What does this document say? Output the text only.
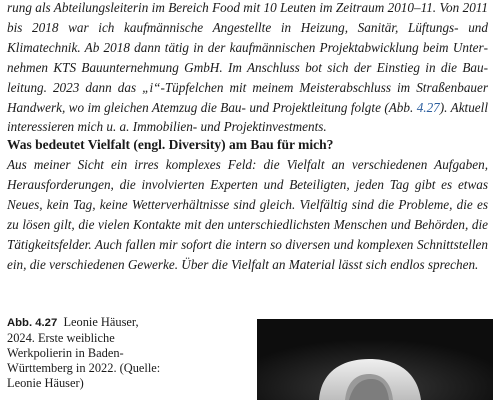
rung als Abteilungsleiterin im Bereich Food mit 10 Leuten im Zeitraum 2010–11. Von 2011 bis 2018 war ich kaufmännische Angestellte in Heizung, Sanitär, Lüftungs- und Klimatechnik. Ab 2018 dann tätig in der kaufmännischen Projektabwicklung beim Unternehmen KTS Bauunternehmung GmbH. Im Anschluss bot sich der Einstieg in die Bauleitung. 2023 dann das „i“-Tüpfelchen mit meinem Meisterabschluss im Straßenbauer Handwerk, wo im gleichen Atemzug die Bau- und Projektleitung folgte (Abb. 4.27). Aktuell interessieren mich u. a. Immobilien- und Projektinvestments.

Was bedeutet Vielfalt (engl. Diversity) am Bau für mich?

Aus meiner Sicht ein irres komplexes Feld: die Vielfalt an verschiedenen Aufgaben, Herausforderungen, die involvierten Experten und Beteiligten, jeden Tag gibt es etwas Neues, kein Tag, keine Wetterverhältnisse sind gleich. Vielfältig sind die Probleme, die es zu lösen gilt, die vielen Kontakte mit den unterschiedlichsten Menschen und Behörden, die Tätigkeitsfelder. Auch fallen mir sofort die intern so diversen und komplexen Schnittstellen ein, die verschiedenen Gewerke. Über die Vielfalt an Material lässt sich endlos sprechen.

Abb. 4.27 Leonie Häuser, 2024. Erste weibliche Werkpolierin in Baden-Württemberg in 2022. (Quelle: Leonie Häuser)
